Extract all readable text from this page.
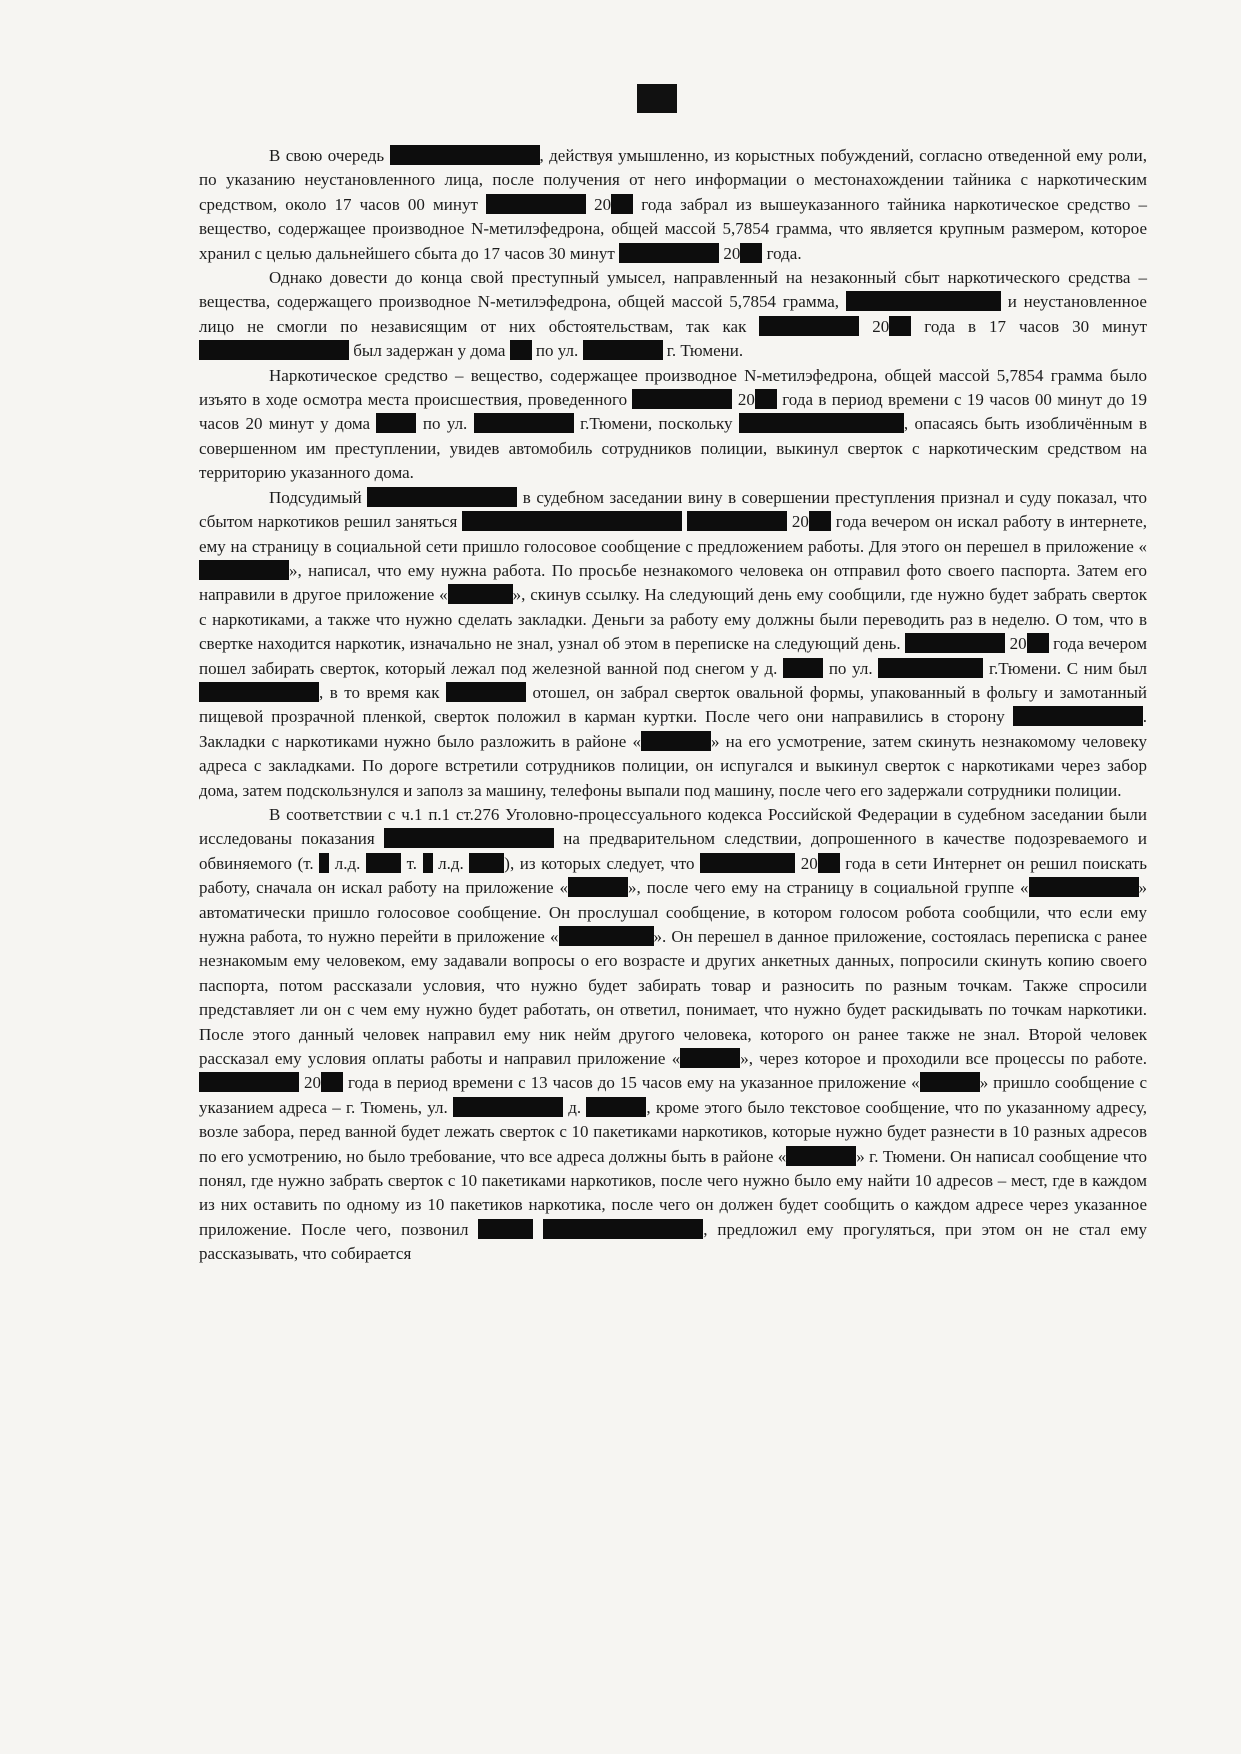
В свою очередь	, действуя умышленно, из корыстных побуждений, согласно отведенной ему роли, по указанию неустановленного лица, после получения от него информации о местонахождении тайника с наркотическим средством, около 17 часов 00 минут	20 года забрал из вышеуказанного тайника наркотическое средство – вещество, содержащее производное N-метилэфедрона, общей массой 5,7854 грамма, что является крупным размером, которое хранил с целью дальнейшего сбыта до 17 часов 30 минут	20 года.

Однако довести до конца свой преступный умысел, направленный на незаконный сбыт наркотического средства – вещества, содержащего производное N-метилэфедрона, общей массой 5,7854 грамма,	и неустановленное лицо не смогли по независящим от них обстоятельствам, так как	20 года в 17 часов 30 минут  был задержан у дома  по ул.	г. Тюмени.

Наркотическое средство – вещество, содержащее производное N-метилэфедрона, общей массой 5,7854 грамма было изъято в ходе осмотра места происшествия, проведенного	20 года в период времени с 19 часов 00 минут до 19 часов 20 минут у дома  по ул.	г.Тюмени, поскольку	, опасаясь быть изобличённым в совершенном им преступлении, увидев автомобиль сотрудников полиции, выкинул сверток с наркотическим средством на территорию указанного дома.

Подсудимый	в судебном заседании вину в совершении преступления признал и суду показал, что сбытом наркотиков решил заняться	20 года вечером он искал работу в интернете, ему на страницу в социальной сети пришло голосовое сообщение с предложением работы. Для этого он перешел в приложение «», написал, что ему нужна работа. По просьбе незнакомого человека он отправил фото своего паспорта. Затем его направили в другое приложение «	», скинув ссылку. На следующий день ему сообщили, где нужно будет забрать сверток с наркотиками, а также что нужно сделать закладки. Деньги за работу ему должны были переводить раз в неделю. О том, что в свертке находится наркотик, изначально не знал, узнал об этом в переписке на следующий день.	20 года вечером пошел забирать сверток, который лежал под железной ванной под снегом у д.  по ул.	г.Тюмени. С ним был , в то время как	отошел, он забрал сверток овальной формы, упакованный в фольгу и замотанный пищевой прозрачной пленкой, сверток положил в карман куртки. После чего они направились в сторону	. Закладки с наркотиками нужно было разложить в районе «	» на его усмотрение, затем скинуть незнакомому человеку адреса с закладками. По дороге встретили сотрудников полиции, он испугался и выкинул сверток с наркотиками через забор дома, затем подскользнулся и заполз за машину, телефоны выпали под машину, после чего его задержали сотрудники полиции.

В соответствии с ч.1 п.1 ст.276 Уголовно-процессуального кодекса Российской Федерации в судебном заседании были исследованы показания	на предварительном следствии, допрошенного в качестве подозреваемого и обвиняемого (т.  л.д.  т.  л.д. ), из которых следует, что	20 года в сети Интернет он решил поискать работу, сначала он искал работу на приложение «	», после чего ему на страницу в социальной группе «	» автоматически пришло голосовое сообщение. Он прослушал сообщение, в котором голосом робота сообщили, что если ему нужна работа, то нужно перейти в приложение «	». Он перешел в данное приложение, состоялась переписка с ранее незнакомым ему человеком, ему задавали вопросы о его возрасте и других анкетных данных, попросили скинуть копию своего паспорта, потом рассказали условия, что нужно будет забирать товар и разносить по разным точкам. Также спросили представляет ли он с чем ему нужно будет работать, он ответил, понимает, что нужно будет раскидывать по точкам наркотики. После этого данный человек направил ему ник нейм другого человека, которого он ранее также не знал. Второй человек рассказал ему условия оплаты работы и направил приложение «	», через которое и проходили все процессы по работе.  20 года в период времени с 13 часов до 15 часов ему на указанное приложение «	» пришло сообщение с указанием адреса – г. Тюмень, ул.	д.	, кроме этого было текстовое сообщение, что по указанному адресу, возле забора, перед ванной будет лежать сверток с 10 пакетиками наркотиков, которые нужно будет разнести в 10 разных адресов по его усмотрению, но было требование, что все адреса должны быть в районе «	» г. Тюмени. Он написал сообщение что понял, где нужно забрать сверток с 10 пакетиками наркотиков, после чего нужно было ему найти 10 адресов – мест, где в каждом из них оставить по одному из 10 пакетиков наркотика, после чего он должен будет сообщить о каждом адресе через указанное приложение. После чего, позвонил	, предложил ему прогуляться, при этом он не стал ему рассказывать, что собирается
